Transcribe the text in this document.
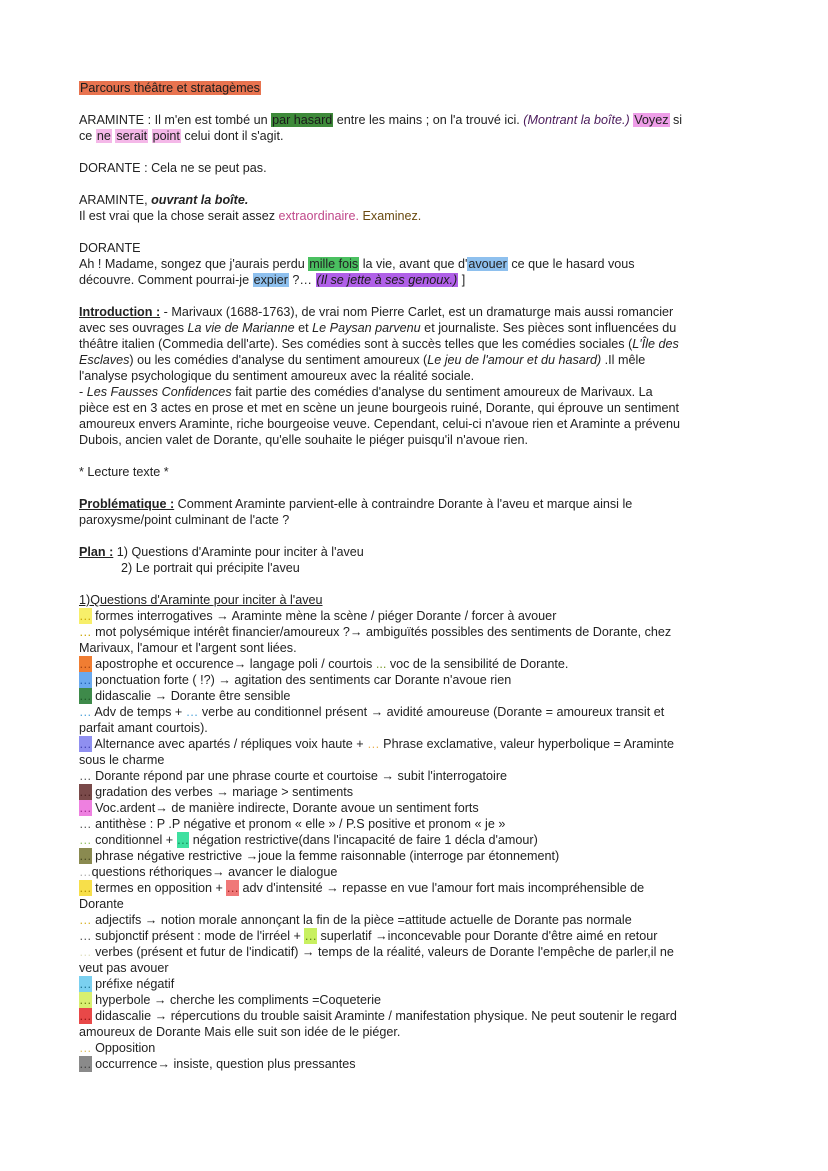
Parcours théâtre et stratagèmes

ARAMINTE : Il m'en est tombé un par hasard entre les mains ; on l'a trouvé ici. (Montrant la boîte.) Voyez si

ce ne serait point celui dont il s'agit.

DORANTE : Cela ne se peut pas.

ARAMINTE, ouvrant la boîte.

Il est vrai que la chose serait assez extraordinaire. Examinez.

DORANTE

Ah ! Madame, songez que j'aurais perdu mille fois la vie, avant que d'avouer ce que le hasard vous

découvre. Comment pourrai-je expier ?… (Il se jette à ses genoux.) ]

Introduction : - Marivaux (1688-1763), de vrai nom Pierre Carlet, est un dramaturge mais aussi romancier

avec ses ouvrages La vie de Marianne et Le Paysan parvenu et journaliste. Ses pièces sont influencées du

théâtre italien (Commedia dell'arte). Ses comédies sont à succès telles que les comédies sociales (L'Île des

Esclaves) ou les comédies d'analyse du sentiment amoureux (Le jeu de l'amour et du hasard) .Il mêle

l'analyse psychologique du sentiment amoureux avec la réalité sociale.

- Les Fausses Confidences fait partie des comédies d'analyse du sentiment amoureux de Marivaux. La

pièce est en 3 actes en prose et met en scène un jeune bourgeois ruiné, Dorante, qui éprouve un sentiment

amoureux envers Araminte, riche bourgeoise veuve. Cependant, celui-ci n'avoue rien et Araminte a prévenu

Dubois, ancien valet de Dorante, qu'elle souhaite le piéger puisqu'il n'avoue rien.

* Lecture texte *

Problématique : Comment Araminte parvient-elle à contraindre Dorante à l'aveu et marque ainsi le

paroxysme/point culminant de l'acte ?

Plan : 1) Questions d'Araminte pour inciter à l'aveu

2) Le portrait qui précipite l'aveu

1)Questions d'Araminte pour inciter à l'aveu

… formes interrogatives → Araminte mène la scène / piéger Dorante / forcer à avouer

… mot polysémique intérêt financier/amoureux ?→ ambiguïtés possibles des sentiments de Dorante, chez

Marivaux, l'amour et l'argent sont liées.

… apostrophe et occurence→ langage poli / courtois ... voc de la sensibilité de Dorante.

… ponctuation forte ( !?) → agitation des sentiments car Dorante n'avoue rien

… didascalie → Dorante être sensible

… Adv de temps + … verbe au conditionnel présent → avidité amoureuse (Dorante = amoureux transit et

parfait amant courtois).

… Alternance avec apartés / répliques voix haute + … Phrase exclamative, valeur hyperbolique = Araminte

sous le charme

… Dorante répond par une phrase courte et courtoise → subit l'interrogatoire

… gradation des verbes → mariage > sentiments

… Voc.ardent→ de manière indirecte, Dorante avoue un sentiment forts

… antithèse : P .P négative et pronom « elle » / P.S positive et pronom « je »

… conditionnel + … négation restrictive(dans l'incapacité de faire 1 décla d'amour)

… phrase négative restrictive →joue la femme raisonnable (interroge par étonnement)

…questions réthoriques→ avancer le dialogue

… termes en opposition + … adv d'intensité → repasse en vue l'amour fort mais incompréhensible de

Dorante

… adjectifs → notion morale annonçant la fin de la pièce =attitude actuelle de Dorante pas normale

… subjonctif présent : mode de l'irréel + … superlatif →inconcevable pour Dorante d'être aimé en retour

… verbes (présent et futur de l'indicatif) → temps de la réalité, valeurs de Dorante l'empêche de parler,il ne

veut pas avouer

… préfixe négatif

… hyperbole → cherche les compliments =Coqueterie

… didascalie → répercutions du trouble saisit Araminte / manifestation physique. Ne peut soutenir le regard

amoureux de Dorante Mais elle suit son idée de le piéger.

… Opposition

… occurrence→ insiste, question plus pressantes
